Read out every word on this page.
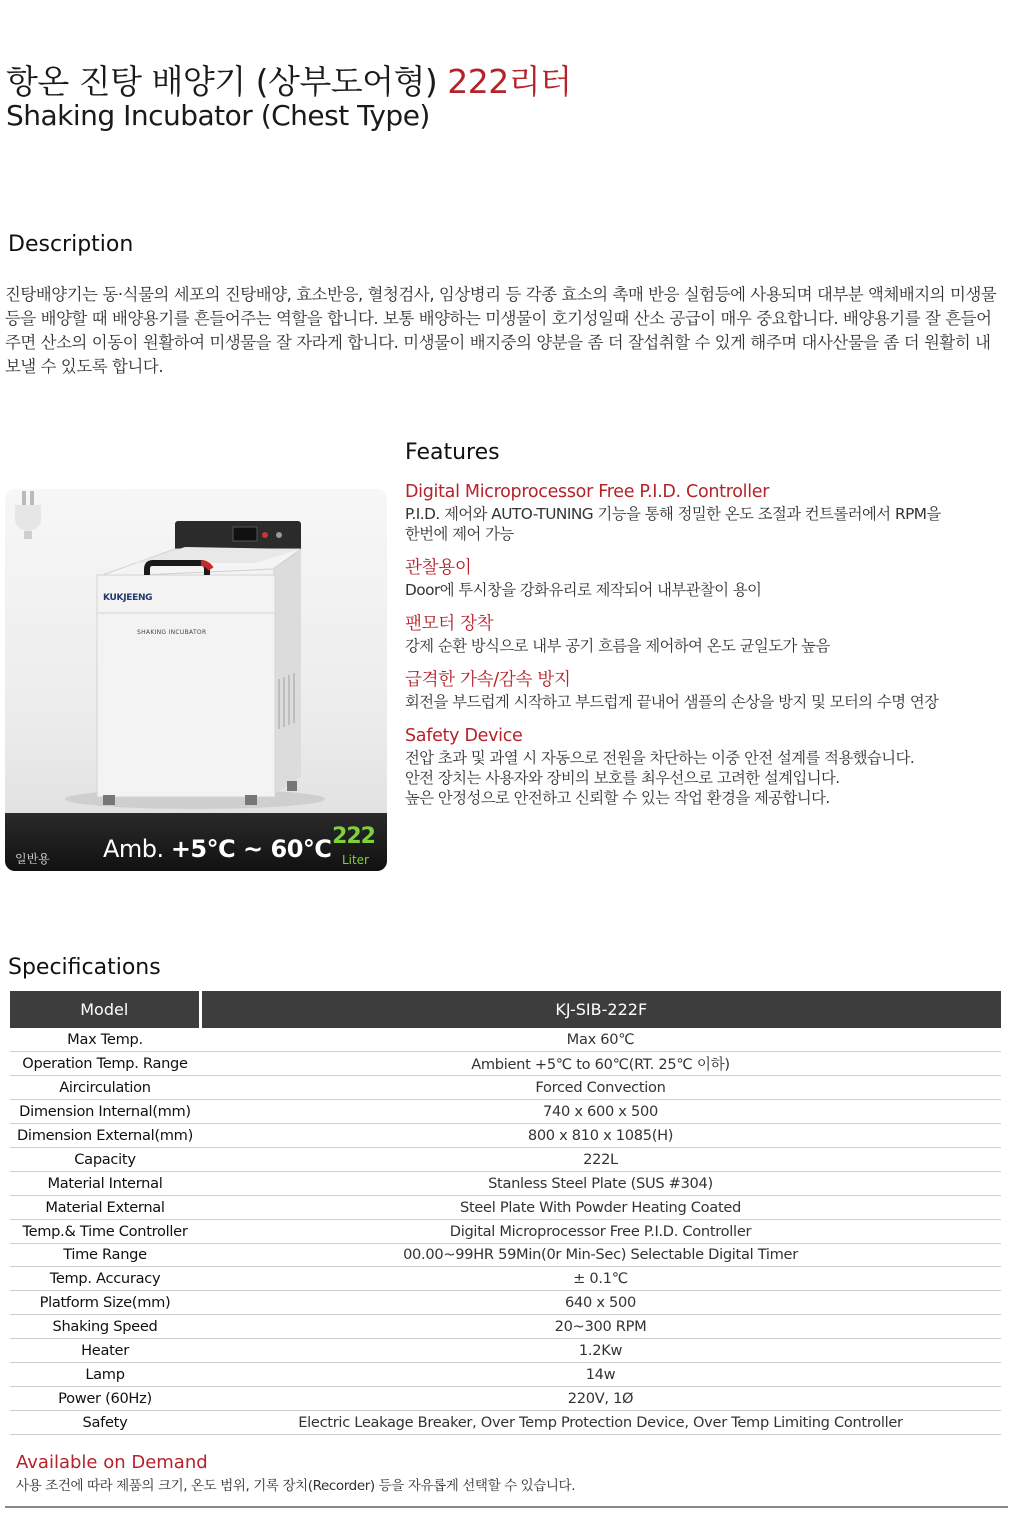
항온 진탕 배양기 (상부도어형) 222리터
Shaking Incubator (Chest Type)
Description
진탕배양기는 동·식물의 세포의 진탕배양, 효소반응, 혈청검사, 임상병리 등 각종 효소의 촉매 반응 실험등에 사용되며 대부분 액체배지의 미생물 등을 배양할 때 배양용기를 흔들어주는 역할을 합니다. 보통 배양하는 미생물이 호기성일때 산소 공급이 매우 중요합니다. 배양용기를 잘 흔들어주면 산소의 이동이 원활하여 미생물을 잘 자라게 합니다. 미생물이 배지중의 양분을 좀 더 잘섭취할 수 있게 해주며 대사산물을 좀 더 원활히 내보낼 수 있도록 합니다.
KUKJEENG
SHAKING INCUBATOR
일반용 Amb. +5℃ ~ 60℃ 222
Liter
Features
Digital Microprocessor Free P.I.D. Controller
P.I.D. 제어와 AUTO-TUNING 기능을 통해 정밀한 온도 조절과 컨트롤러에서 RPM을
한번에 제어 가능
관찰용이
Door에 투시창을 강화유리로 제작되어 내부관찰이 용이
팬모터 장착
강제 순환 방식으로 내부 공기 흐름을 제어하여 온도 균일도가 높음
급격한 가속/감속 방지
회전을 부드럽게 시작하고 부드럽게 끝내어 샘플의 손상을 방지 및 모터의 수명 연장
Safety Device
전압 초과 및 과열 시 자동으로 전원을 차단하는 이중 안전 설계를 적용했습니다.
안전 장치는 사용자와 장비의 보호를 최우선으로 고려한 설계입니다.
높은 안정성으로 안전하고 신뢰할 수 있는 작업 환경을 제공합니다.
Specifications
Model	KJ-SIB-222F
Max Temp.	Max 60℃
Operation Temp. Range	Ambient +5℃ to 60℃(RT. 25℃ 이하)
Aircirculation	Forced Convection
Dimension Internal(mm)	740 x 600 x 500
Dimension External(mm)	800 x 810 x 1085(H)
Capacity	222L
Material Internal	Stanless Steel Plate (SUS #304)
Material External	Steel Plate With Powder Heating Coated
Temp.& Time Controller	Digital Microprocessor Free P.I.D. Controller
Time Range	00.00~99HR 59Min(0r Min-Sec) Selectable Digital Timer
Temp. Accuracy	± 0.1℃
Platform Size(mm)	640 x 500
Shaking Speed	20~300 RPM
Heater	1.2Kw
Lamp	14w
Power (60Hz)	220V, 1Ø
Safety	Electric Leakage Breaker, Over Temp Protection Device, Over Temp Limiting Controller
Available on Demand
사용 조건에 따라 제품의 크기, 온도 범위, 기록 장치(Recorder) 등을 자유롭게 선택할 수 있습니다.
